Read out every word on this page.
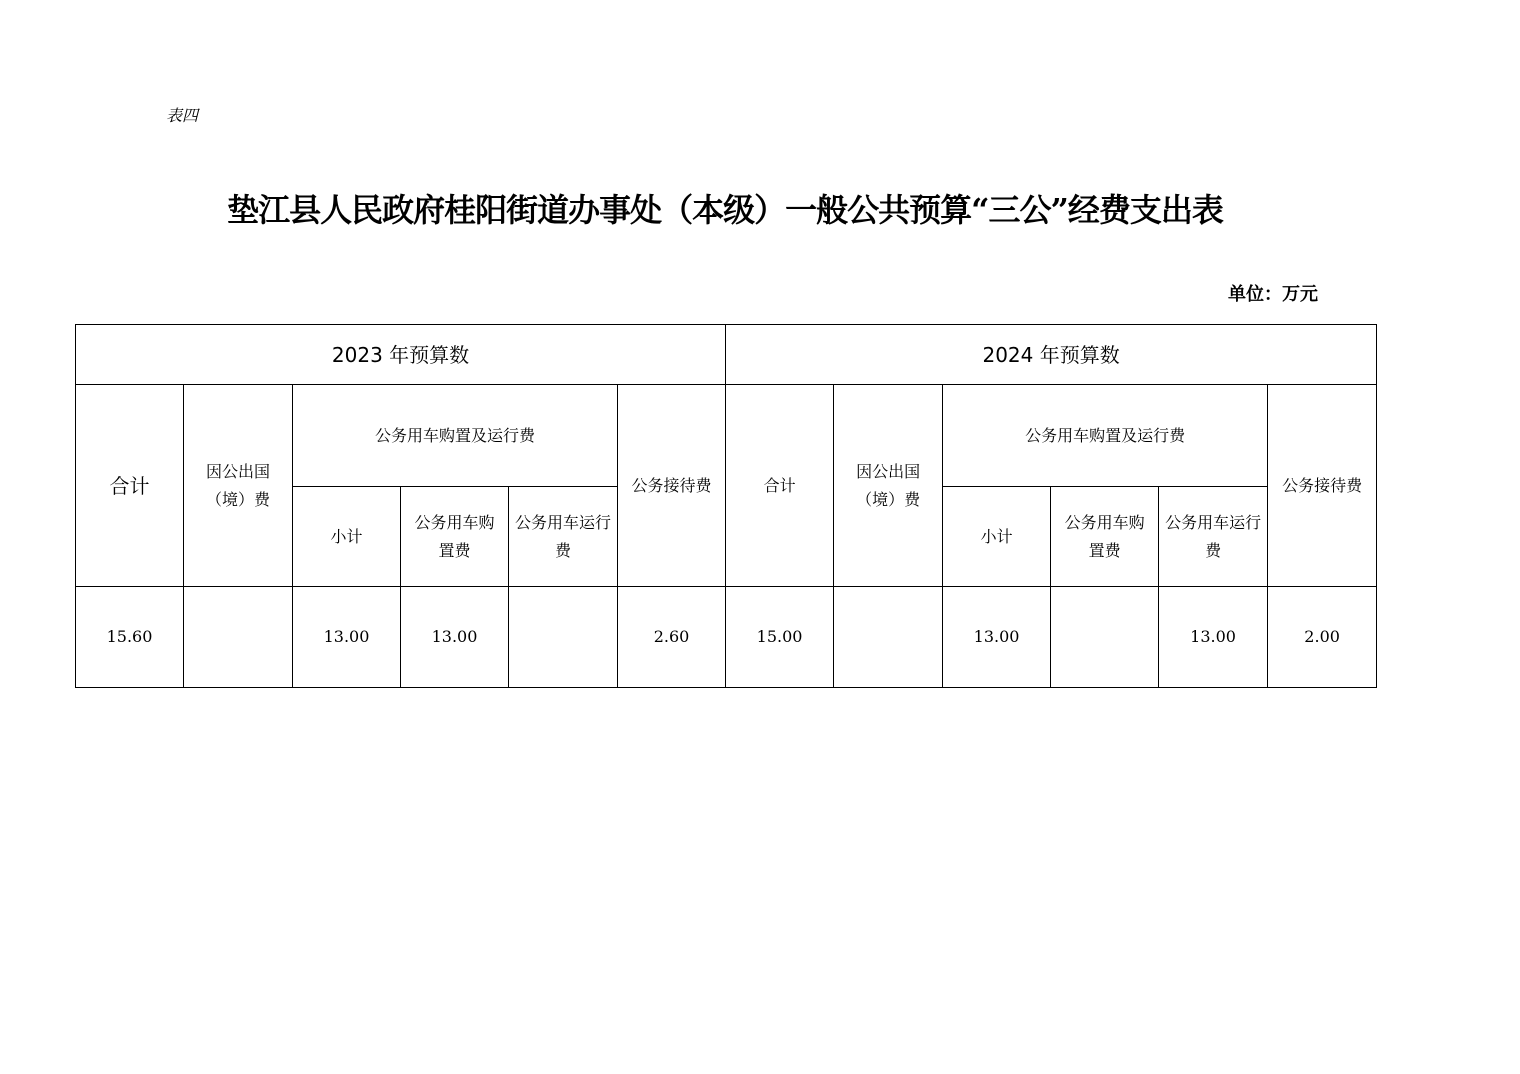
表四
垫江县人民政府桂阳街道办事处（本级）一般公共预算“三公”经费支出表
单位：万元
2023 年预算数						2024 年预算数					
合计	因公出国（境）费	公务用车购置及运行费			公务接待费	合计	因公出国（境）费	公务用车购置及运行费			公务接待费
		小计	公务用车购置费	公务用车运行费				小计	公务用车购置费	公务用车运行费	
15.60		13.00	13.00		2.60	15.00		13.00		13.00	2.00
